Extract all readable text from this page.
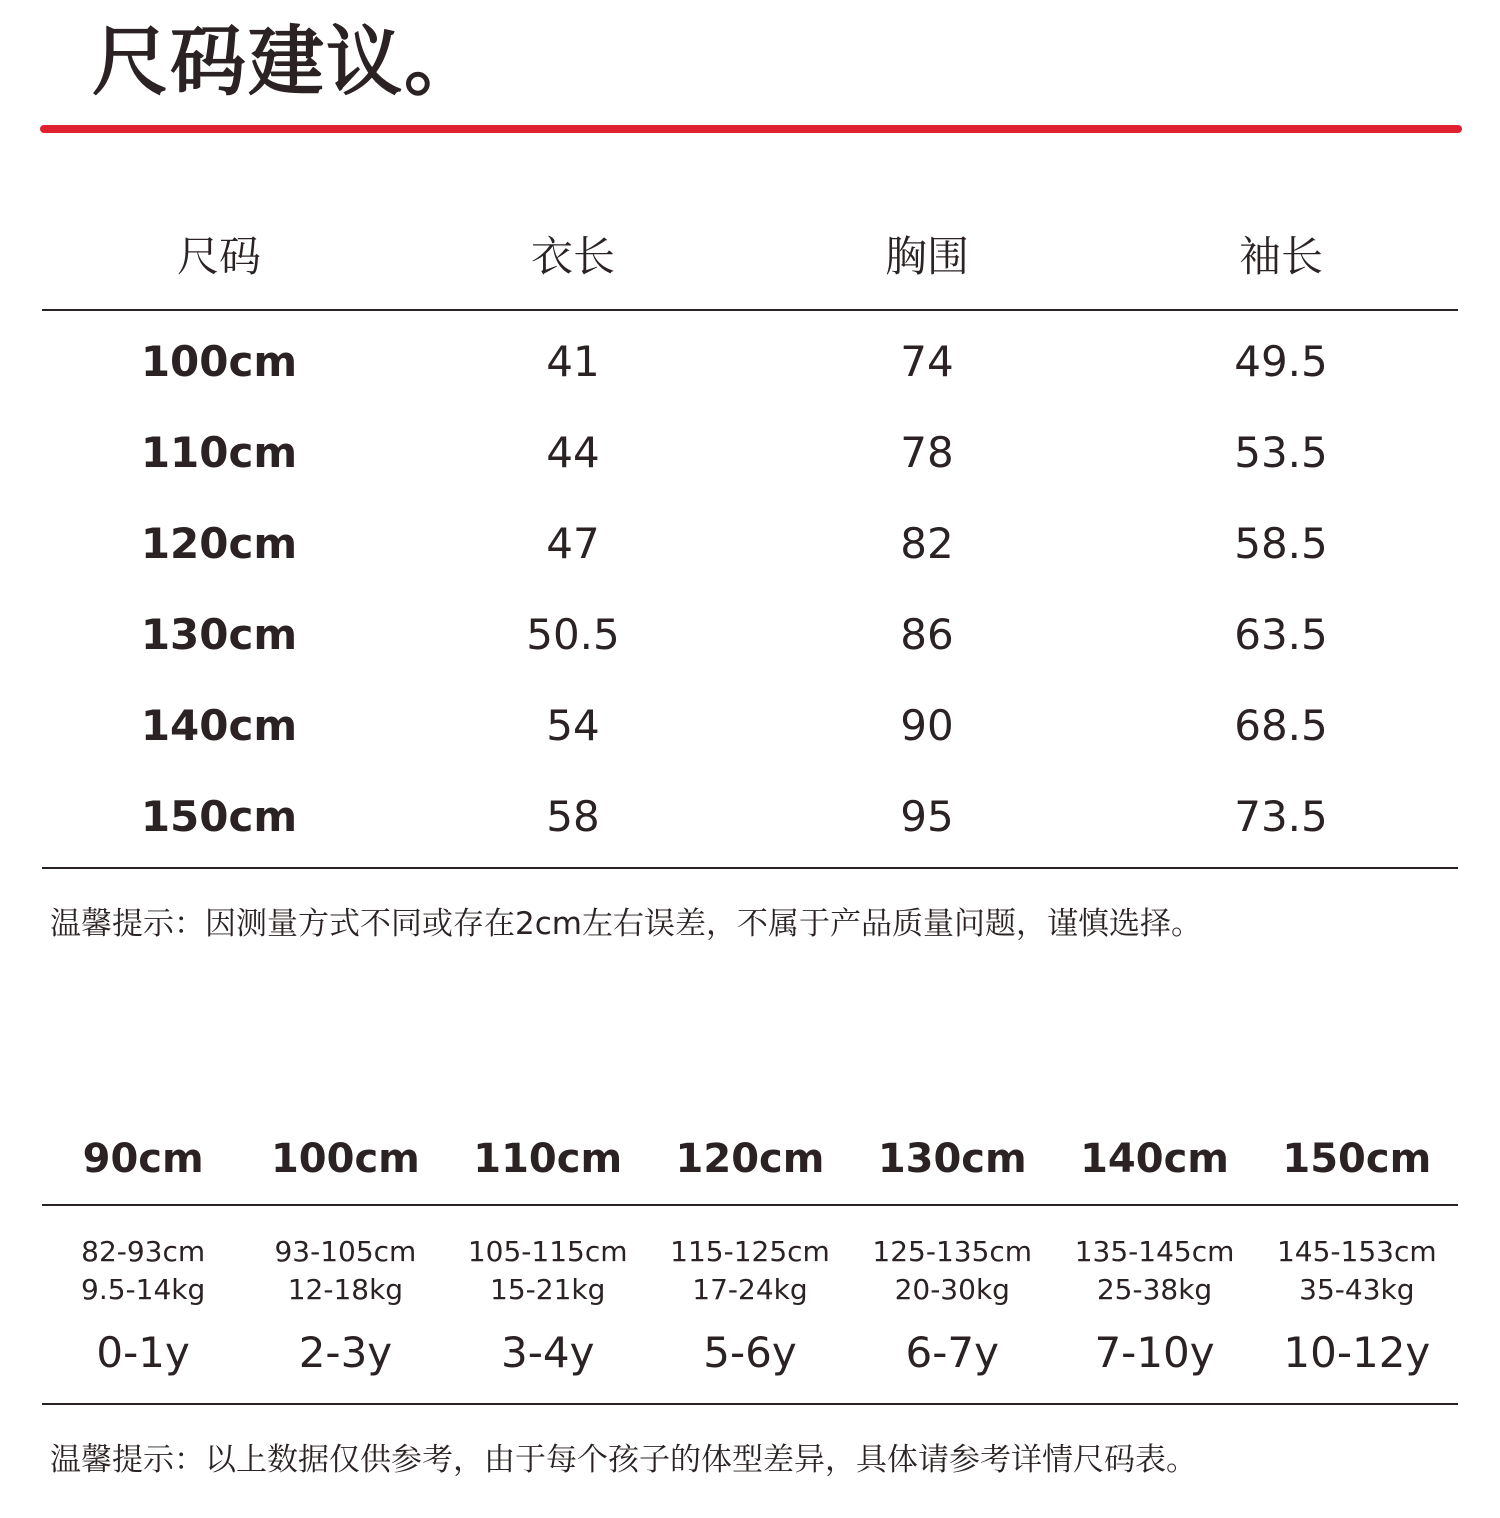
尺码建议。
尺码	衣长	胸围	袖长
100cm	41	74	49.5
110cm	44	78	53.5
120cm	47	82	58.5
130cm	50.5	86	63.5
140cm	54	90	68.5
150cm	58	95	73.5
温馨提示：因测量方式不同或存在2cm左右误差，不属于产品质量问题，谨慎选择。
90cm	100cm	110cm	120cm	130cm	140cm	150cm
82-93cm	93-105cm	105-115cm	115-125cm	125-135cm	135-145cm	145-153cm
9.5-14kg	12-18kg	15-21kg	17-24kg	20-30kg	25-38kg	35-43kg
0-1y	2-3y	3-4y	5-6y	6-7y	7-10y	10-12y
温馨提示：以上数据仅供参考，由于每个孩子的体型差异，具体请参考详情尺码表。
